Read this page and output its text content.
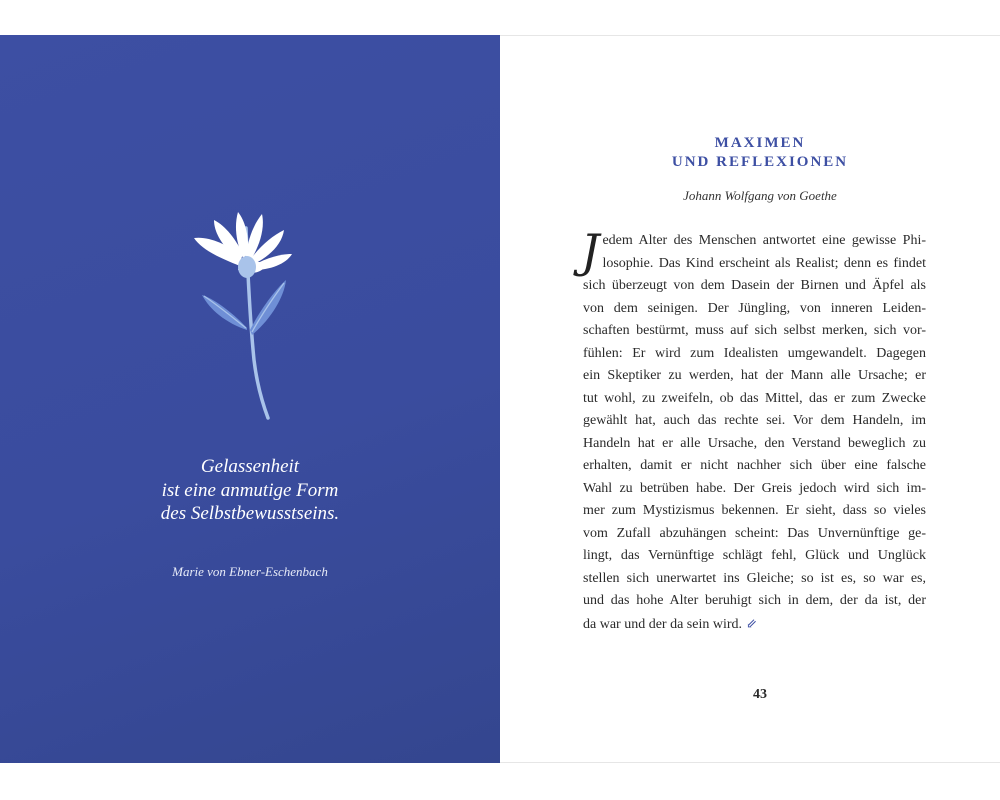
Gelassenheit
ist eine anmutige Form
des Selbstbewusstseins.
Marie von Ebner-Eschenbach
MAXIMEN
UND REFLEXIONEN
Johann Wolfgang von Goethe
J edem Alter des Menschen antwortet eine gewisse Phi-
losophie. Das Kind erscheint als Realist; denn es findet
sich überzeugt von dem Dasein der Birnen und Äpfel als
von dem seinigen. Der Jüngling, von inneren Leiden-
schaften bestürmt, muss auf sich selbst merken, sich vor-
fühlen: Er wird zum Idealisten umgewandelt. Dagegen
ein Skeptiker zu werden, hat der Mann alle Ursache; er
tut wohl, zu zweifeln, ob das Mittel, das er zum Zwecke
gewählt hat, auch das rechte sei. Vor dem Handeln, im
Handeln hat er alle Ursache, den Verstand beweglich zu
erhalten, damit er nicht nachher sich über eine falsche
Wahl zu betrüben habe. Der Greis jedoch wird sich im-
mer zum Mystizismus bekennen. Er sieht, dass so vieles
vom Zufall abzuhängen scheint: Das Unvernünftige ge-
lingt, das Vernünftige schlägt fehl, Glück und Unglück
stellen sich unerwartet ins Gleiche; so ist es, so war es,
und das hohe Alter beruhigt sich in dem, der da ist, der
da war und der da sein wird. ⇙
43
